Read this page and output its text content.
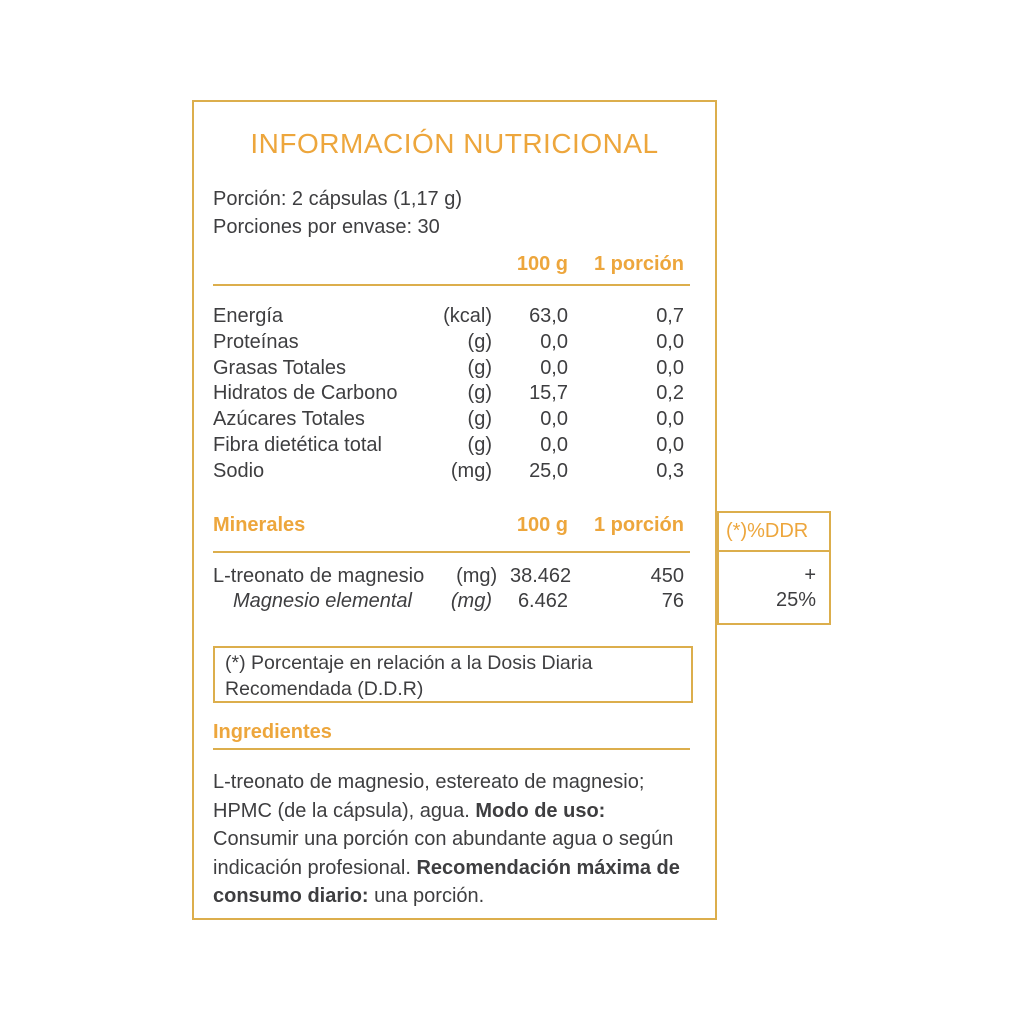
INFORMACIÓN NUTRICIONAL
Porción: 2 cápsulas (1,17 g)
Porciones por envase: 30
100 g	1 porción
Energía	(kcal)	63,0	0,7
Proteínas	(g)	0,0	0,0
Grasas Totales	(g)	0,0	0,0
Hidratos de Carbono	(g)	15,7	0,2
Azúcares Totales	(g)	0,0	0,0
Fibra dietética total	(g)	0,0	0,0
Sodio	(mg)	25,0	0,3
Minerales	100 g	1 porción
L-treonato de magnesio	(mg) 38.462	450
Magnesio elemental	(mg)	6.462	76
(*) Porcentaje en relación a la Dosis Diaria Recomendada (D.D.R)
Ingredientes

L-treonato de magnesio, estereato de magnesio; HPMC (de la cápsula), agua. Modo de uso: Consumir una porción con abundante agua o según indicación profesional. Recomendación máxima de consumo diario: una porción.

(*)%DDR
+
25%
